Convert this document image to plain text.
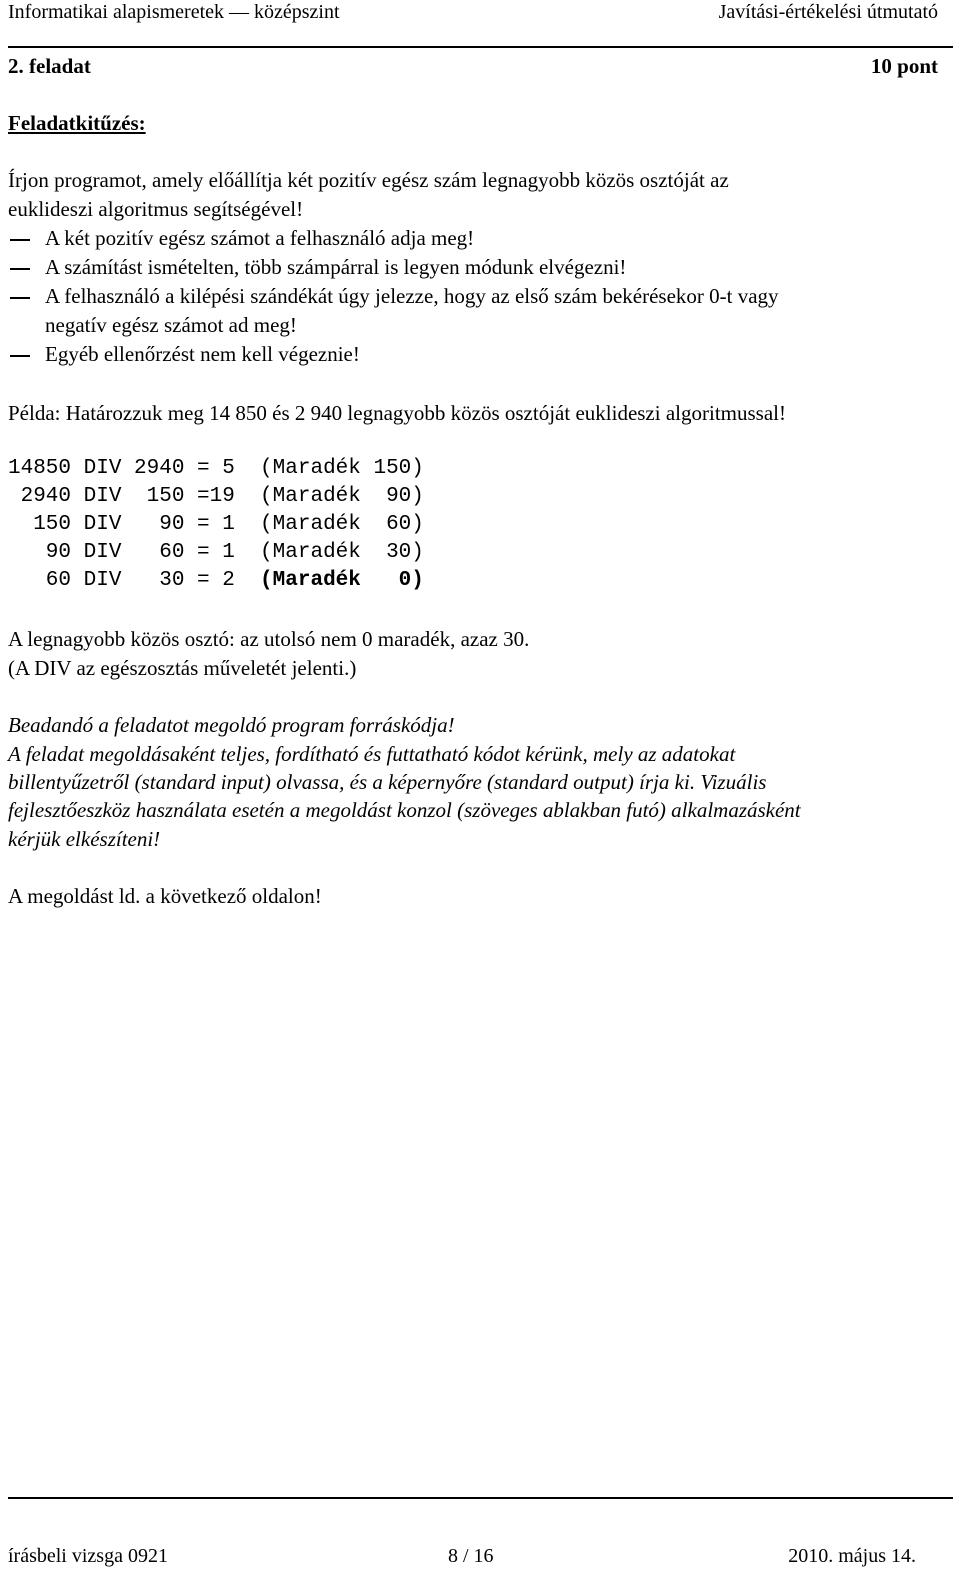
Informatikai alapismeretek — középszint	Javítási-értékelési útmutató
2. feladat	10 pont
Feladatkitűzés:
Írjon programot, amely előállítja két pozitív egész szám legnagyobb közös osztóját az
euklideszi algoritmus segítségével!
A két pozitív egész számot a felhasználó adja meg!
A számítást ismételten, több számpárral is legyen módunk elvégezni!
A felhasználó a kilépési szándékát úgy jelezze, hogy az első szám bekérésekor 0-t vagy
negatív egész számot ad meg!
Egyéb ellenőrzést nem kell végeznie!
Példa: Határozzuk meg 14 850 és 2 940 legnagyobb közös osztóját euklideszi algoritmussal!
14850 DIV 2940 = 5  (Maradék 150)
2940 DIV  150 =19  (Maradék  90)
150 DIV   90 = 1  (Maradék  60)
90 DIV   60 = 1  (Maradék  30)
60 DIV   30 = 2  (Maradék   0)
A legnagyobb közös osztó: az utolsó nem 0 maradék, azaz 30.
(A DIV az egészosztás műveletét jelenti.)
Beadandó a feladatot megoldó program forráskódja!
A feladat megoldásaként teljes, fordítható és futtatható kódot kérünk, mely az adatokat
billentyűzetről (standard input) olvassa, és a képernyőre (standard output) írja ki. Vizuális
fejlesztőeszköz használata esetén a megoldást konzol (szöveges ablakban futó) alkalmazásként
kérjük elkészíteni!
A megoldást ld. a következő oldalon!
írásbeli vizsga 0921	8 / 16	2010. május 14.
